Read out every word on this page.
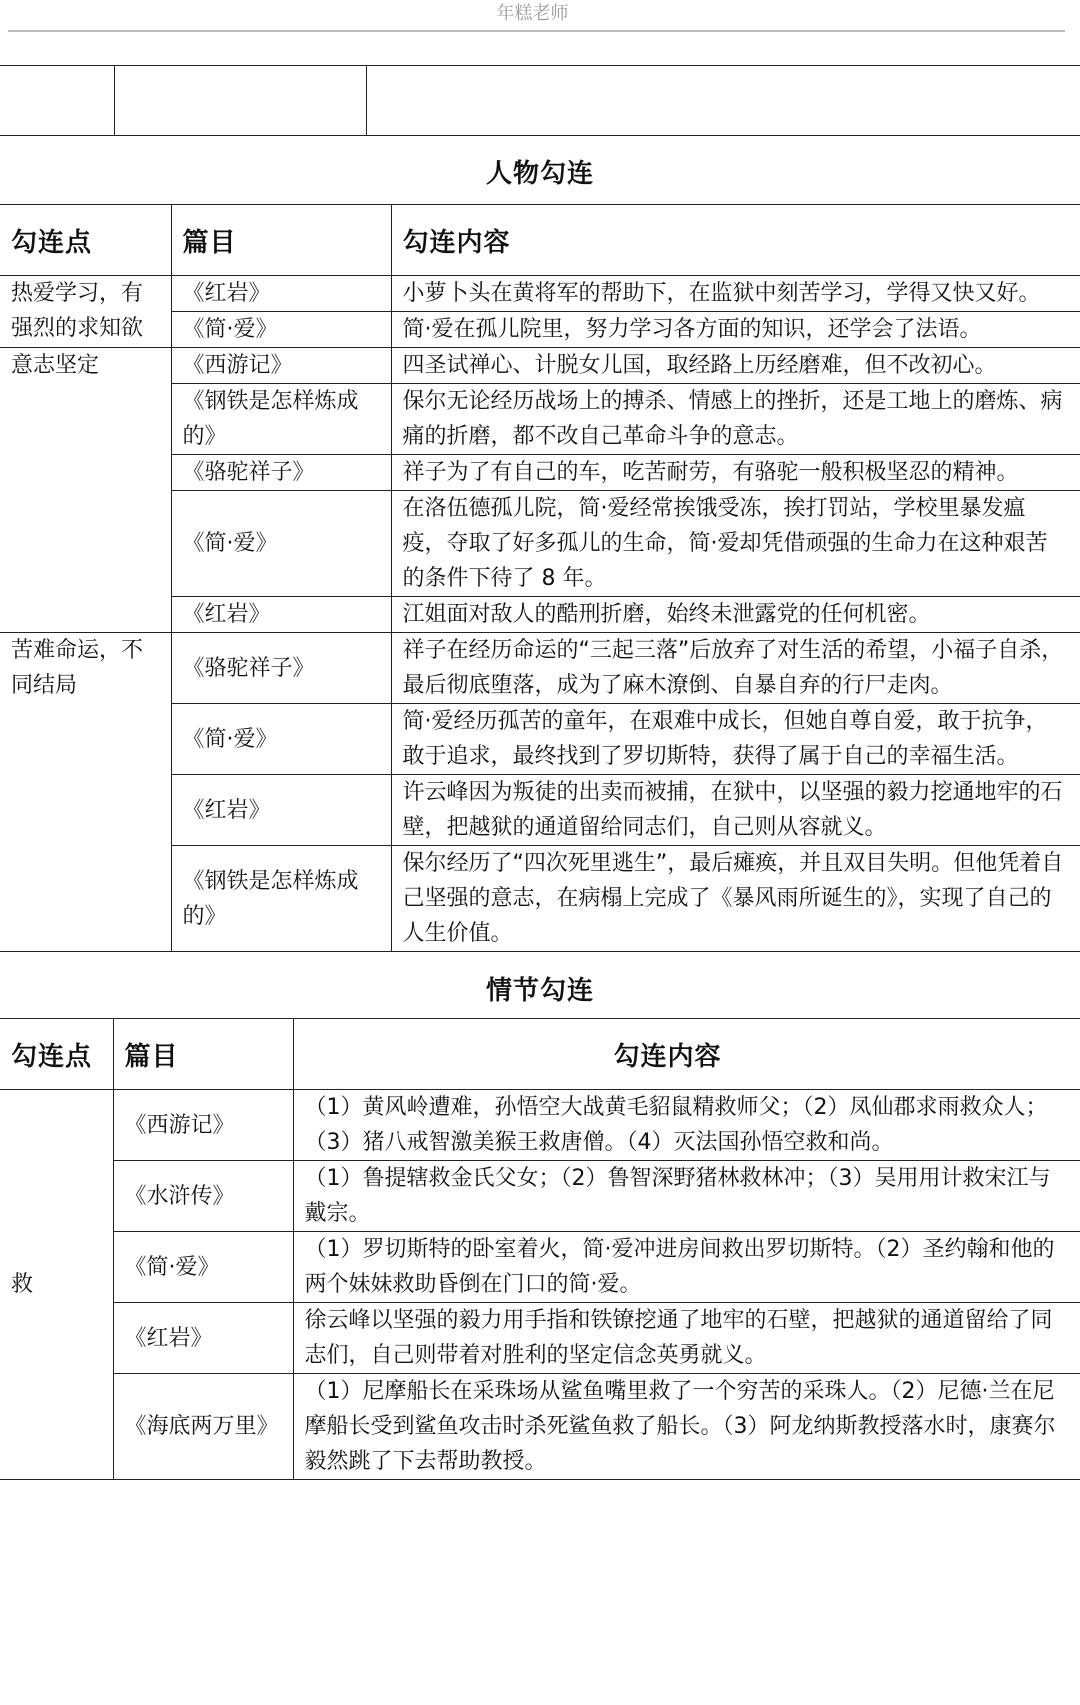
年糕老师

人物勾连
勾连点	篇目	勾连内容
热爱学习，有强烈的求知欲	《红岩》	小萝卜头在黄将军的帮助下，在监狱中刻苦学习，学得又快又好。
	《简·爱》	简·爱在孤儿院里，努力学习各方面的知识，还学会了法语。
意志坚定	《西游记》	四圣试禅心、计脱女儿国，取经路上历经磨难，但不改初心。
	《钢铁是怎样炼成的》	保尔无论经历战场上的搏杀、情感上的挫折，还是工地上的磨炼、病痛的折磨，都不改自己革命斗争的意志。
	《骆驼祥子》	祥子为了有自己的车，吃苦耐劳，有骆驼一般积极坚忍的精神。
	《简·爱》	在洛伍德孤儿院，简·爱经常挨饿受冻，挨打罚站，学校里暴发瘟疫，夺取了好多孤儿的生命，简·爱却凭借顽强的生命力在这种艰苦的条件下待了 8 年。
	《红岩》	江姐面对敌人的酷刑折磨，始终未泄露党的任何机密。
苦难命运，不同结局	《骆驼祥子》	祥子在经历命运的“三起三落”后放弃了对生活的希望，小福子自杀，最后彻底堕落，成为了麻木潦倒、自暴自弃的行尸走肉。
	《简·爱》	简·爱经历孤苦的童年，在艰难中成长，但她自尊自爱，敢于抗争，敢于追求，最终找到了罗切斯特，获得了属于自己的幸福生活。
	《红岩》	许云峰因为叛徒的出卖而被捕，在狱中，以坚强的毅力挖通地牢的石壁，把越狱的通道留给同志们，自己则从容就义。
	《钢铁是怎样炼成的》	保尔经历了“四次死里逃生”，最后瘫痪，并且双目失明。但他凭着自己坚强的意志，在病榻上完成了《暴风雨所诞生的》，实现了自己的人生价值。
情节勾连
勾连点	篇目	勾连内容
救	《西游记》	（1）黄风岭遭难，孙悟空大战黄毛貂鼠精救师父；（2）凤仙郡求雨救众人；（3）猪八戒智激美猴王救唐僧。（4）灭法国孙悟空救和尚。
	《水浒传》	（1）鲁提辖救金氏父女；（2）鲁智深野猪林救林冲；（3）吴用用计救宋江与戴宗。
	《简·爱》	（1）罗切斯特的卧室着火，简·爱冲进房间救出罗切斯特。（2）圣约翰和他的两个妹妹救助昏倒在门口的简·爱。
	《红岩》	徐云峰以坚强的毅力用手指和铁镣挖通了地牢的石壁，把越狱的通道留给了同志们，自己则带着对胜利的坚定信念英勇就义。
	《海底两万里》	（1）尼摩船长在采珠场从鲨鱼嘴里救了一个穷苦的采珠人。（2）尼德·兰在尼摩船长受到鲨鱼攻击时杀死鲨鱼救了船长。（3）阿龙纳斯教授落水时，康赛尔毅然跳了下去帮助教授。
